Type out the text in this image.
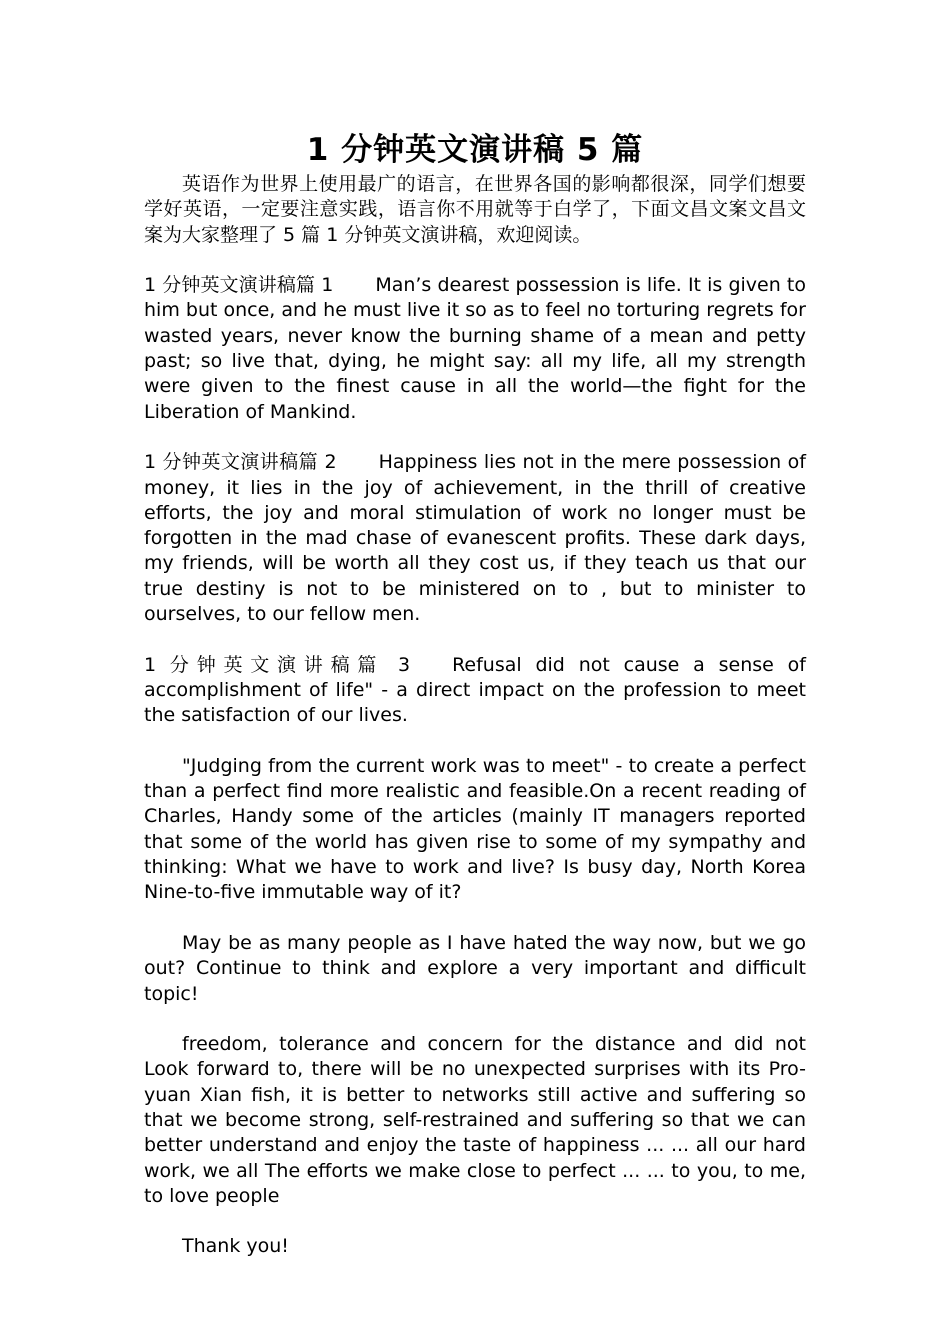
1 分钟英文演讲稿 5 篇

英语作为世界上使用最广的语言，在世界各国的影响都很深，同学们想要学好英语，一定要注意实践，语言你不用就等于白学了，下面文昌文案文昌文案为大家整理了 5 篇 1 分钟英文演讲稿，欢迎阅读。

1 分钟英文演讲稿篇 1 Man’s dearest possession is life. It is given to him but once, and he must live it so as to feel no torturing regrets for wasted years, never know the burning shame of a mean and petty past; so live that, dying, he might say: all my life, all my strength were given to the finest cause in all the world—the fight for the Liberation of Mankind.

1 分钟英文演讲稿篇 2 Happiness lies not in the mere possession of money, it lies in the joy of achievement, in the thrill of creative efforts, the joy and moral stimulation of work no longer must be forgotten in the mad chase of evanescent profits. These dark days, my friends, will be worth all they cost us, if they teach us that our true destiny is not to be ministered on to , but to minister to ourselves, to our fellow men.

1 分钟英文演讲稿篇 3 Refusal did not cause a sense of accomplishment of life" - a direct impact on the profession to meet the satisfaction of our lives.

"Judging from the current work was to meet" - to create a perfect than a perfect find more realistic and feasible.On a recent reading of Charles, Handy some of the articles (mainly IT managers reported that some of the world has given rise to some of my sympathy and thinking: What we have to work and live? Is busy day, North Korea Nine-to-five immutable way of it?

May be as many people as I have hated the way now, but we go out? Continue to think and explore a very important and difficult topic!

freedom, tolerance and concern for the distance and did not Look forward to, there will be no unexpected surprises with its Pro-yuan Xian fish, it is better to networks still active and suffering so that we become strong, self-restrained and suffering so that we can better understand and enjoy the taste of happiness ... ... all our hard work, we all The efforts we make close to perfect ... ... to you, to me, to love people

Thank you!
